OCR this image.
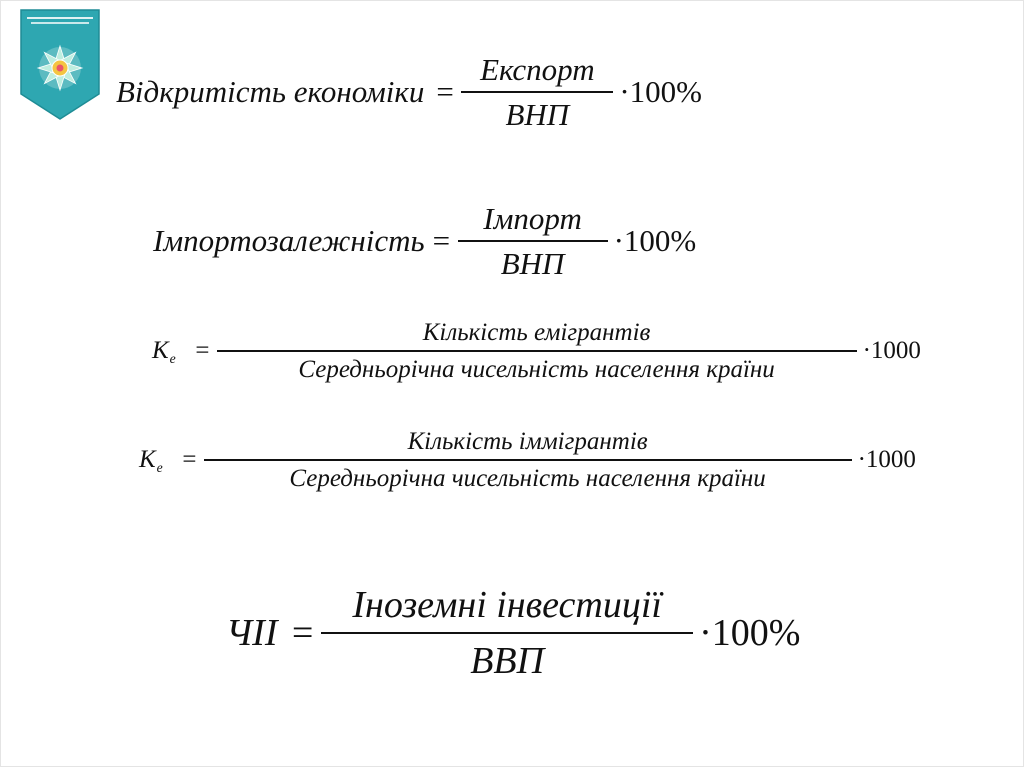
Відкритість економіки = $\frac{\text{Експорт}}{\text{ВНП}} \cdot 100\%$
Імпортозалежність = $\frac{\text{Імпорт}}{\text{ВНП}} \cdot 100\%$
Ке = $\frac{\text{Кількість емігрантів}}{\text{Середньорічна чисельність населення країни}} \cdot 1000$
Ке = $\frac{\text{Кількість іммігрантів}}{\text{Середньорічна чисельність населення країни}} \cdot 1000$
ЧІІ = $\frac{\text{Іноземні інвестиції}}{\text{ВВП}} \cdot 100\%$
